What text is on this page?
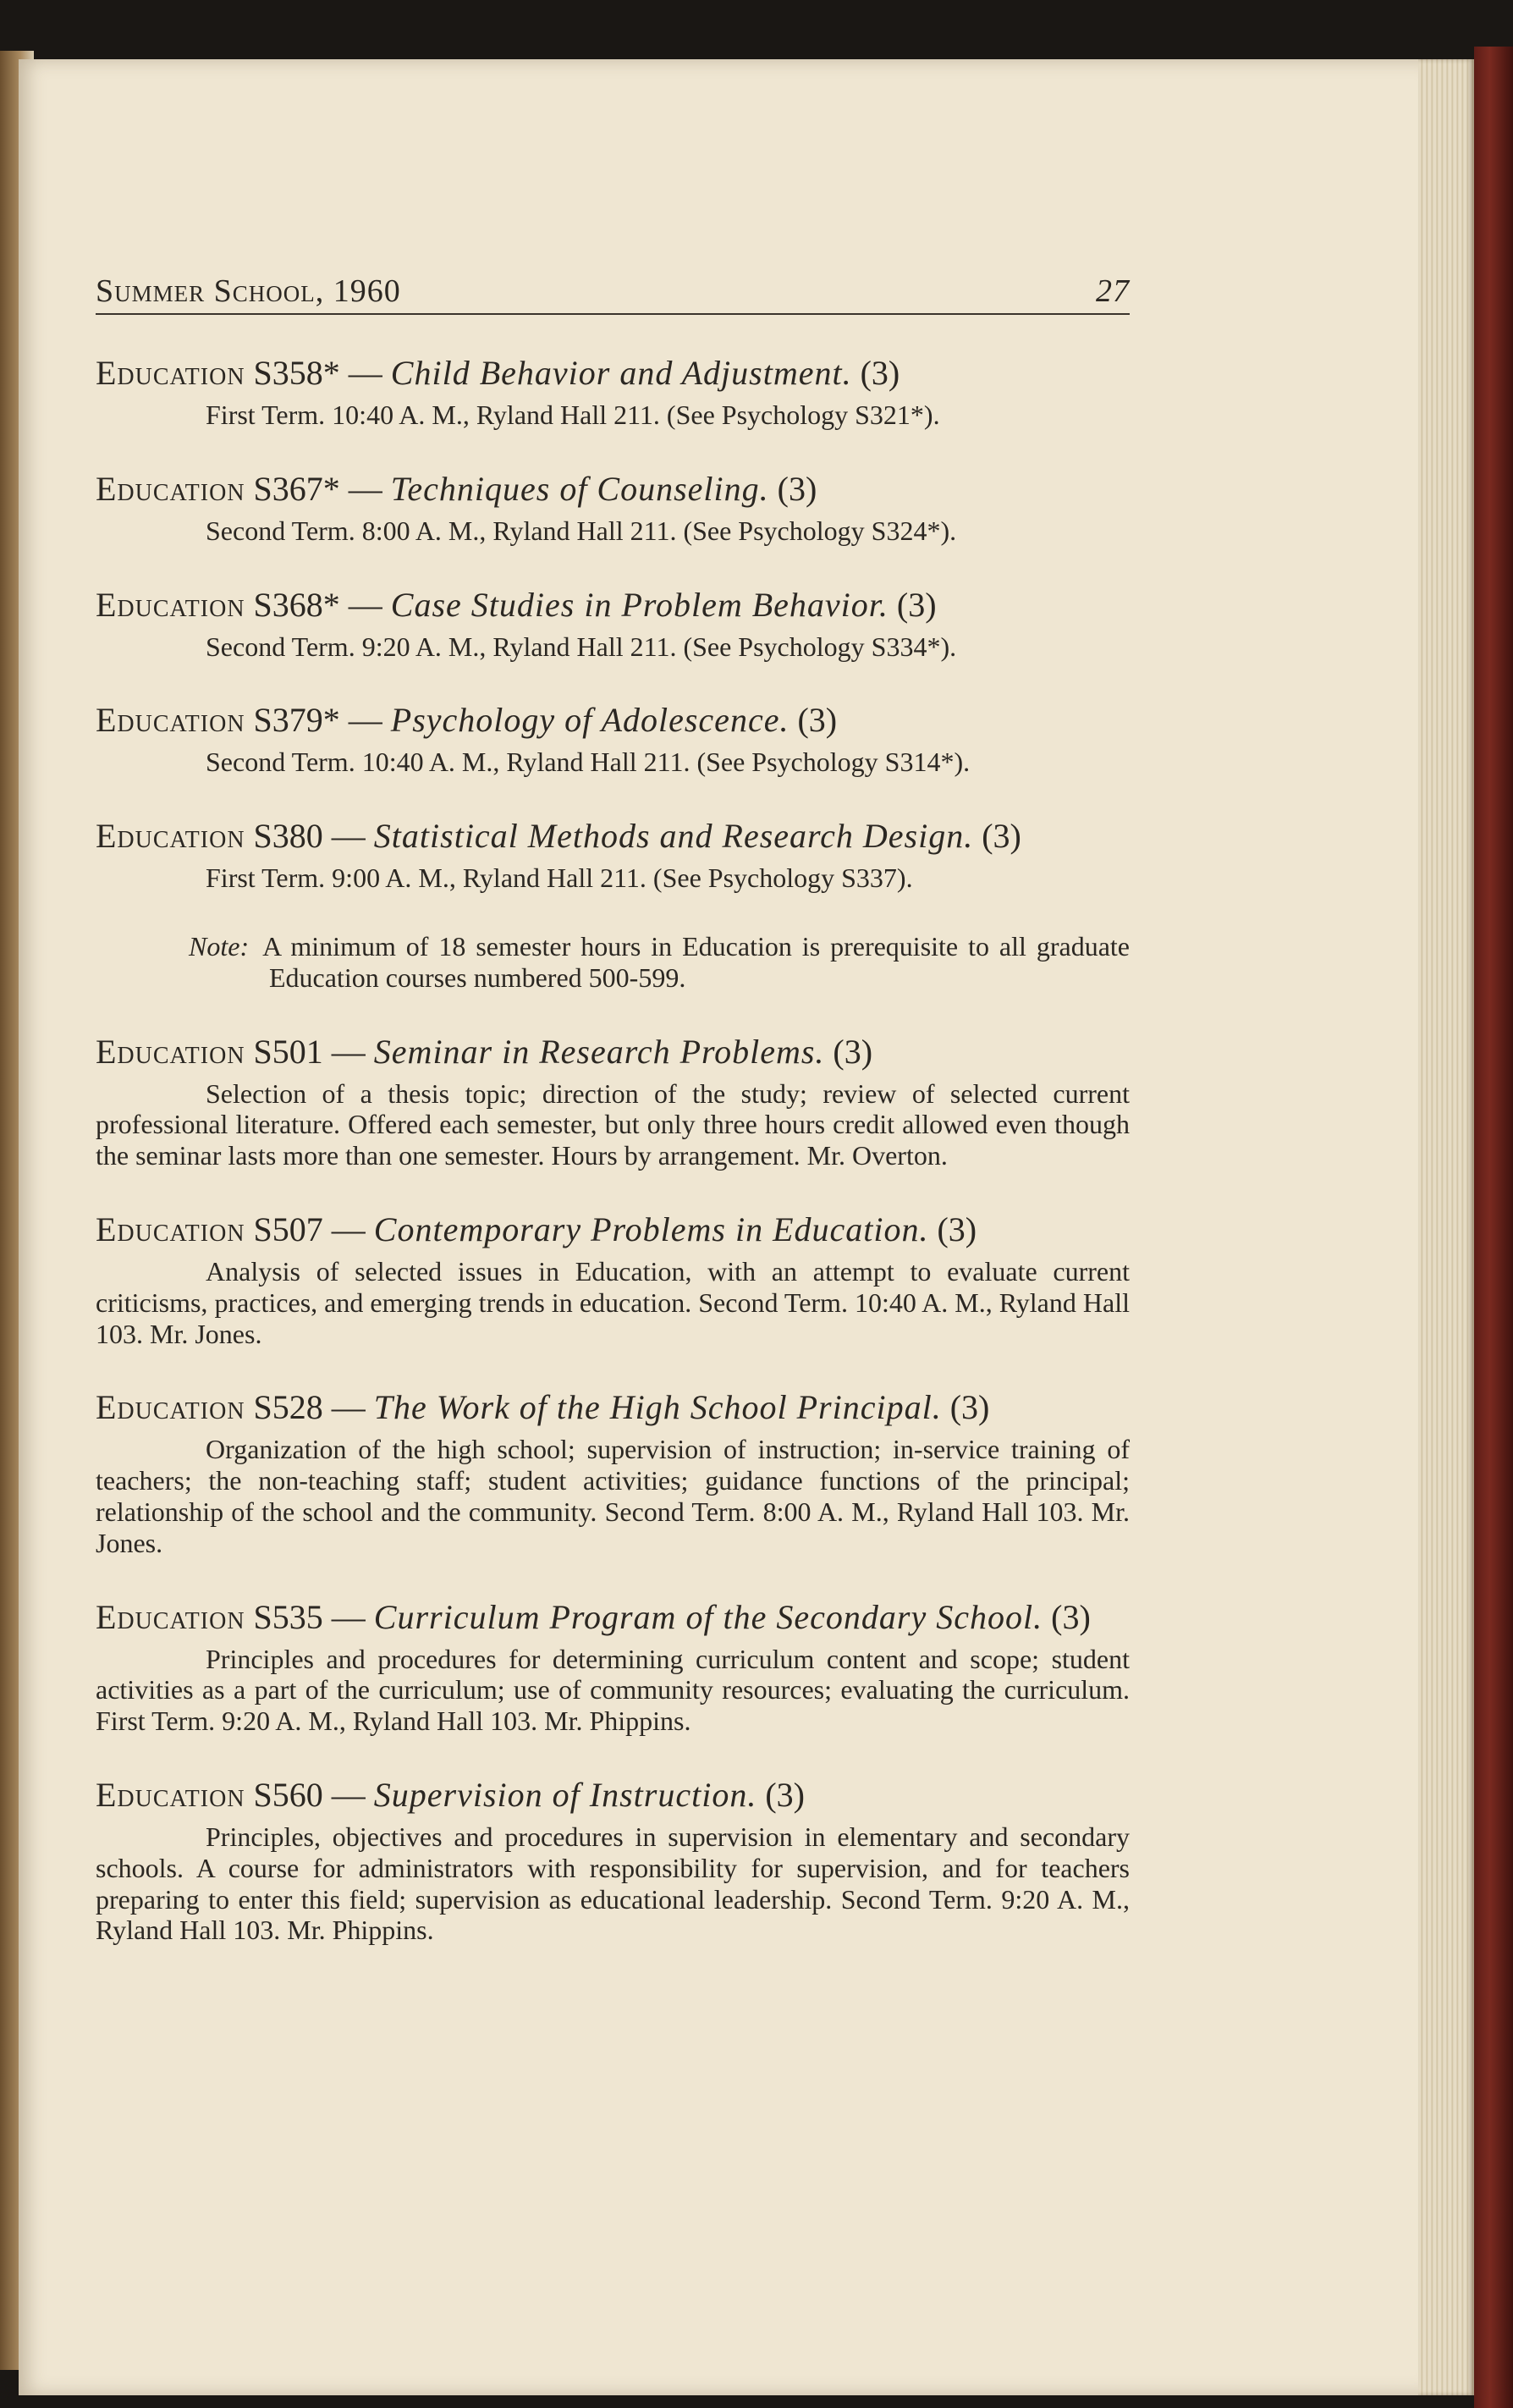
Summer School, 1960	27
Education S358* — Child Behavior and Adjustment. (3)
First Term. 10:40 A. M., Ryland Hall 211. (See Psychology S321*).
Education S367* — Techniques of Counseling. (3)
Second Term. 8:00 A. M., Ryland Hall 211. (See Psychology S324*).
Education S368* — Case Studies in Problem Behavior. (3)
Second Term. 9:20 A. M., Ryland Hall 211. (See Psychology S334*).
Education S379* — Psychology of Adolescence. (3)
Second Term. 10:40 A. M., Ryland Hall 211. (See Psychology S314*).
Education S380 — Statistical Methods and Research Design. (3)
First Term. 9:00 A. M., Ryland Hall 211. (See Psychology S337).
Note: A minimum of 18 semester hours in Education is prerequisite to all graduate Education courses numbered 500-599.
Education S501 — Seminar in Research Problems. (3)
Selection of a thesis topic; direction of the study; review of selected current professional literature. Offered each semester, but only three hours credit allowed even though the seminar lasts more than one semester. Hours by arrangement. Mr. Overton.
Education S507 — Contemporary Problems in Education. (3)
Analysis of selected issues in Education, with an attempt to evaluate current criticisms, practices, and emerging trends in education. Second Term. 10:40 A. M., Ryland Hall 103. Mr. Jones.
Education S528 — The Work of the High School Principal. (3)
Organization of the high school; supervision of instruction; in-service training of teachers; the non-teaching staff; student activities; guidance functions of the principal; relationship of the school and the community. Second Term. 8:00 A. M., Ryland Hall 103. Mr. Jones.
Education S535 — Curriculum Program of the Secondary School. (3)
Principles and procedures for determining curriculum content and scope; student activities as a part of the curriculum; use of community resources; evaluating the curriculum. First Term. 9:20 A. M., Ryland Hall 103. Mr. Phippins.
Education S560 — Supervision of Instruction. (3)
Principles, objectives and procedures in supervision in elementary and secondary schools. A course for administrators with responsibility for supervision, and for teachers preparing to enter this field; supervision as educational leadership. Second Term. 9:20 A. M., Ryland Hall 103. Mr. Phippins.
